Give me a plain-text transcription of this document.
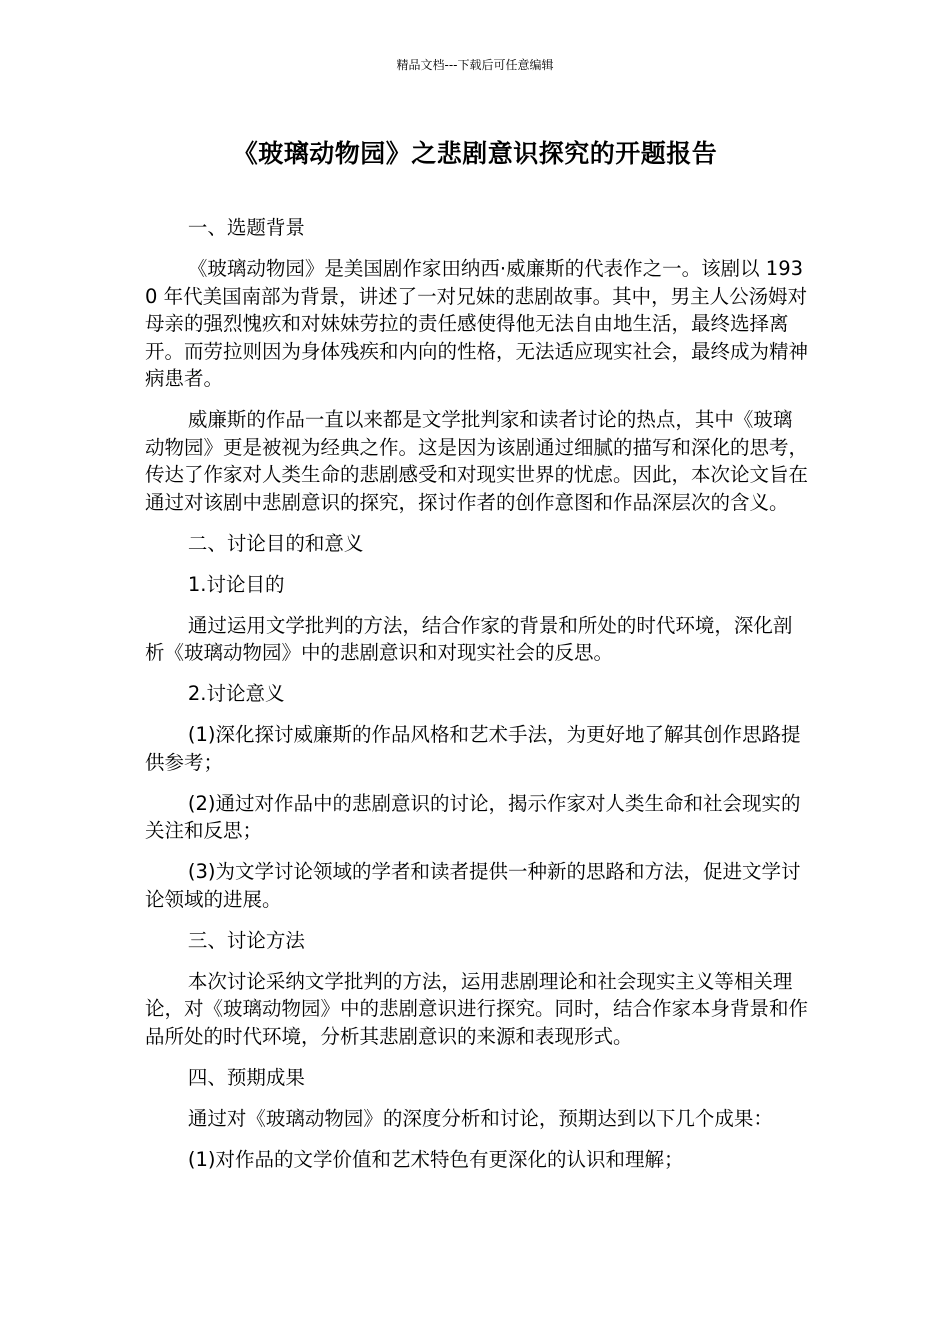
精品文档---下载后可任意编辑
《玻璃动物园》之悲剧意识探究的开题报告

一、选题背景

《玻璃动物园》是美国剧作家田纳西·威廉斯的代表作之一。该剧以 1930 年代美国南部为背景，讲述了一对兄妹的悲剧故事。其中，男主人公汤姆对母亲的强烈愧疚和对妹妹劳拉的责任感使得他无法自由地生活，最终选择离开。而劳拉则因为身体残疾和内向的性格，无法适应现实社会，最终成为精神病患者。

威廉斯的作品一直以来都是文学批判家和读者讨论的热点，其中《玻璃动物园》更是被视为经典之作。这是因为该剧通过细腻的描写和深化的思考，传达了作家对人类生命的悲剧感受和对现实世界的忧虑。因此，本次论文旨在通过对该剧中悲剧意识的探究，探讨作者的创作意图和作品深层次的含义。

二、讨论目的和意义

1.讨论目的

通过运用文学批判的方法，结合作家的背景和所处的时代环境，深化剖析《玻璃动物园》中的悲剧意识和对现实社会的反思。

2.讨论意义

(1)深化探讨威廉斯的作品风格和艺术手法，为更好地了解其创作思路提供参考；

(2)通过对作品中的悲剧意识的讨论，揭示作家对人类生命和社会现实的关注和反思；

(3)为文学讨论领域的学者和读者提供一种新的思路和方法，促进文学讨论领域的进展。

三、讨论方法

本次讨论采纳文学批判的方法，运用悲剧理论和社会现实主义等相关理论，对《玻璃动物园》中的悲剧意识进行探究。同时，结合作家本身背景和作品所处的时代环境，分析其悲剧意识的来源和表现形式。

四、预期成果

通过对《玻璃动物园》的深度分析和讨论，预期达到以下几个成果：

(1)对作品的文学价值和艺术特色有更深化的认识和理解；
